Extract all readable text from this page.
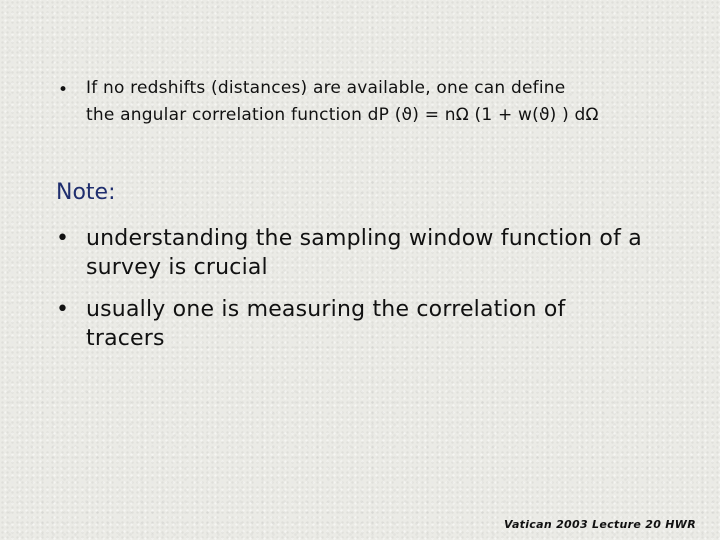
• If no redshifts (distances) are available, one can define
the angular correlation function dP (ϑ) = nΩ (1 + w(ϑ) ) dΩ
Note:
• understanding the sampling window function of a
survey is crucial
• usually one is measuring the correlation of
tracers
Vatican 2003 Lecture 20 HWR
